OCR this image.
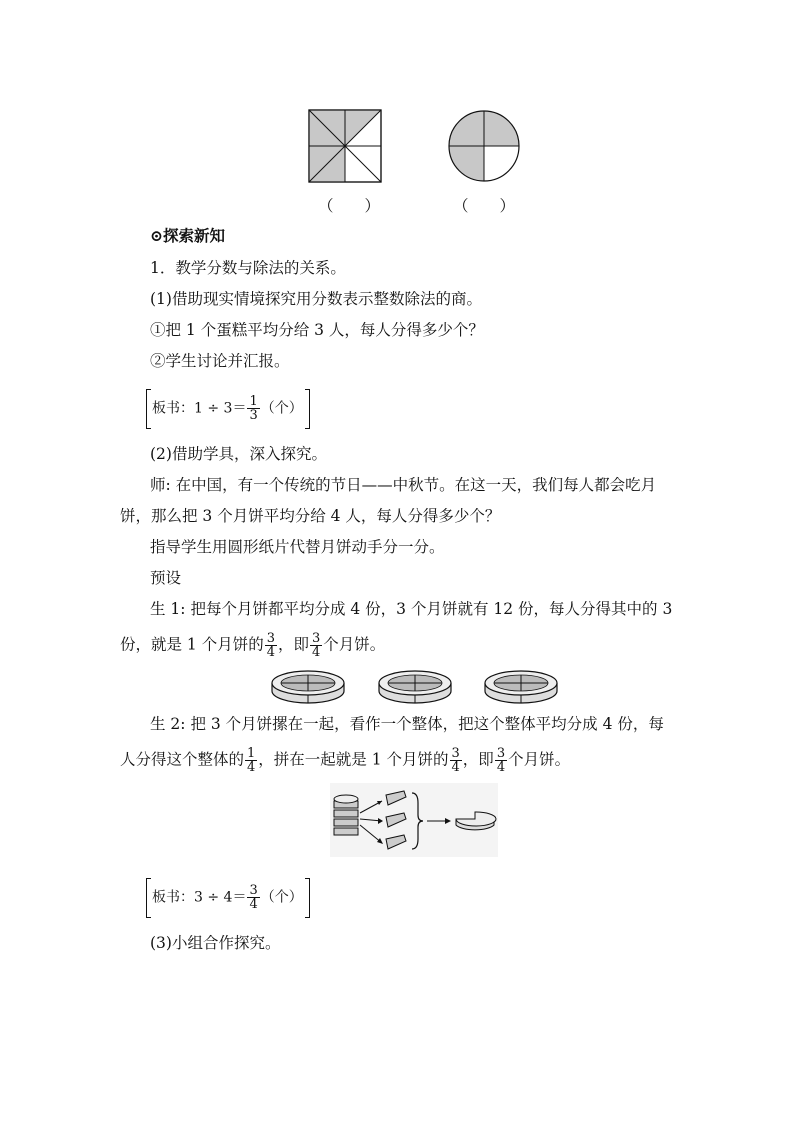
（　　）	（　　）
⊙探索新知
1．教学分数与除法的关系。
(1)借助现实情境探究用分数表示整数除法的商。
①把 1 个蛋糕平均分给 3 人，每人分得多少个？
②学生讨论并汇报。
板书：$1 \div 3= \frac{1}{3}$ （个）
(2)借助学具，深入探究。
师: 在中国，有一个传统的节日——中秋节。在这一天，我们每人都会吃月
饼，那么把 3 个月饼平均分给 4 人，每人分得多少个？
指导学生用圆形纸片代替月饼动手分一分。
预设
生 1: 把每个月饼都平均分成 4 份，3 个月饼就有 12 份，每人分得其中的 3
份，就是 1 个月饼的 $\frac{3}{4}$ ，即 $\frac{3}{4}$ 个月饼。
生 2: 把 3 个月饼摞在一起，看作一个整体，把这个整体平均分成 4 份，每
人分得这个整体的 $\frac{1}{4}$ ，拼在一起就是 1 个月饼的 $\frac{3}{4}$ ，即 $\frac{3}{4}$ 个月饼。
板书：$3 \div 4= \frac{3}{4}$ （个）
(3)小组合作探究。
